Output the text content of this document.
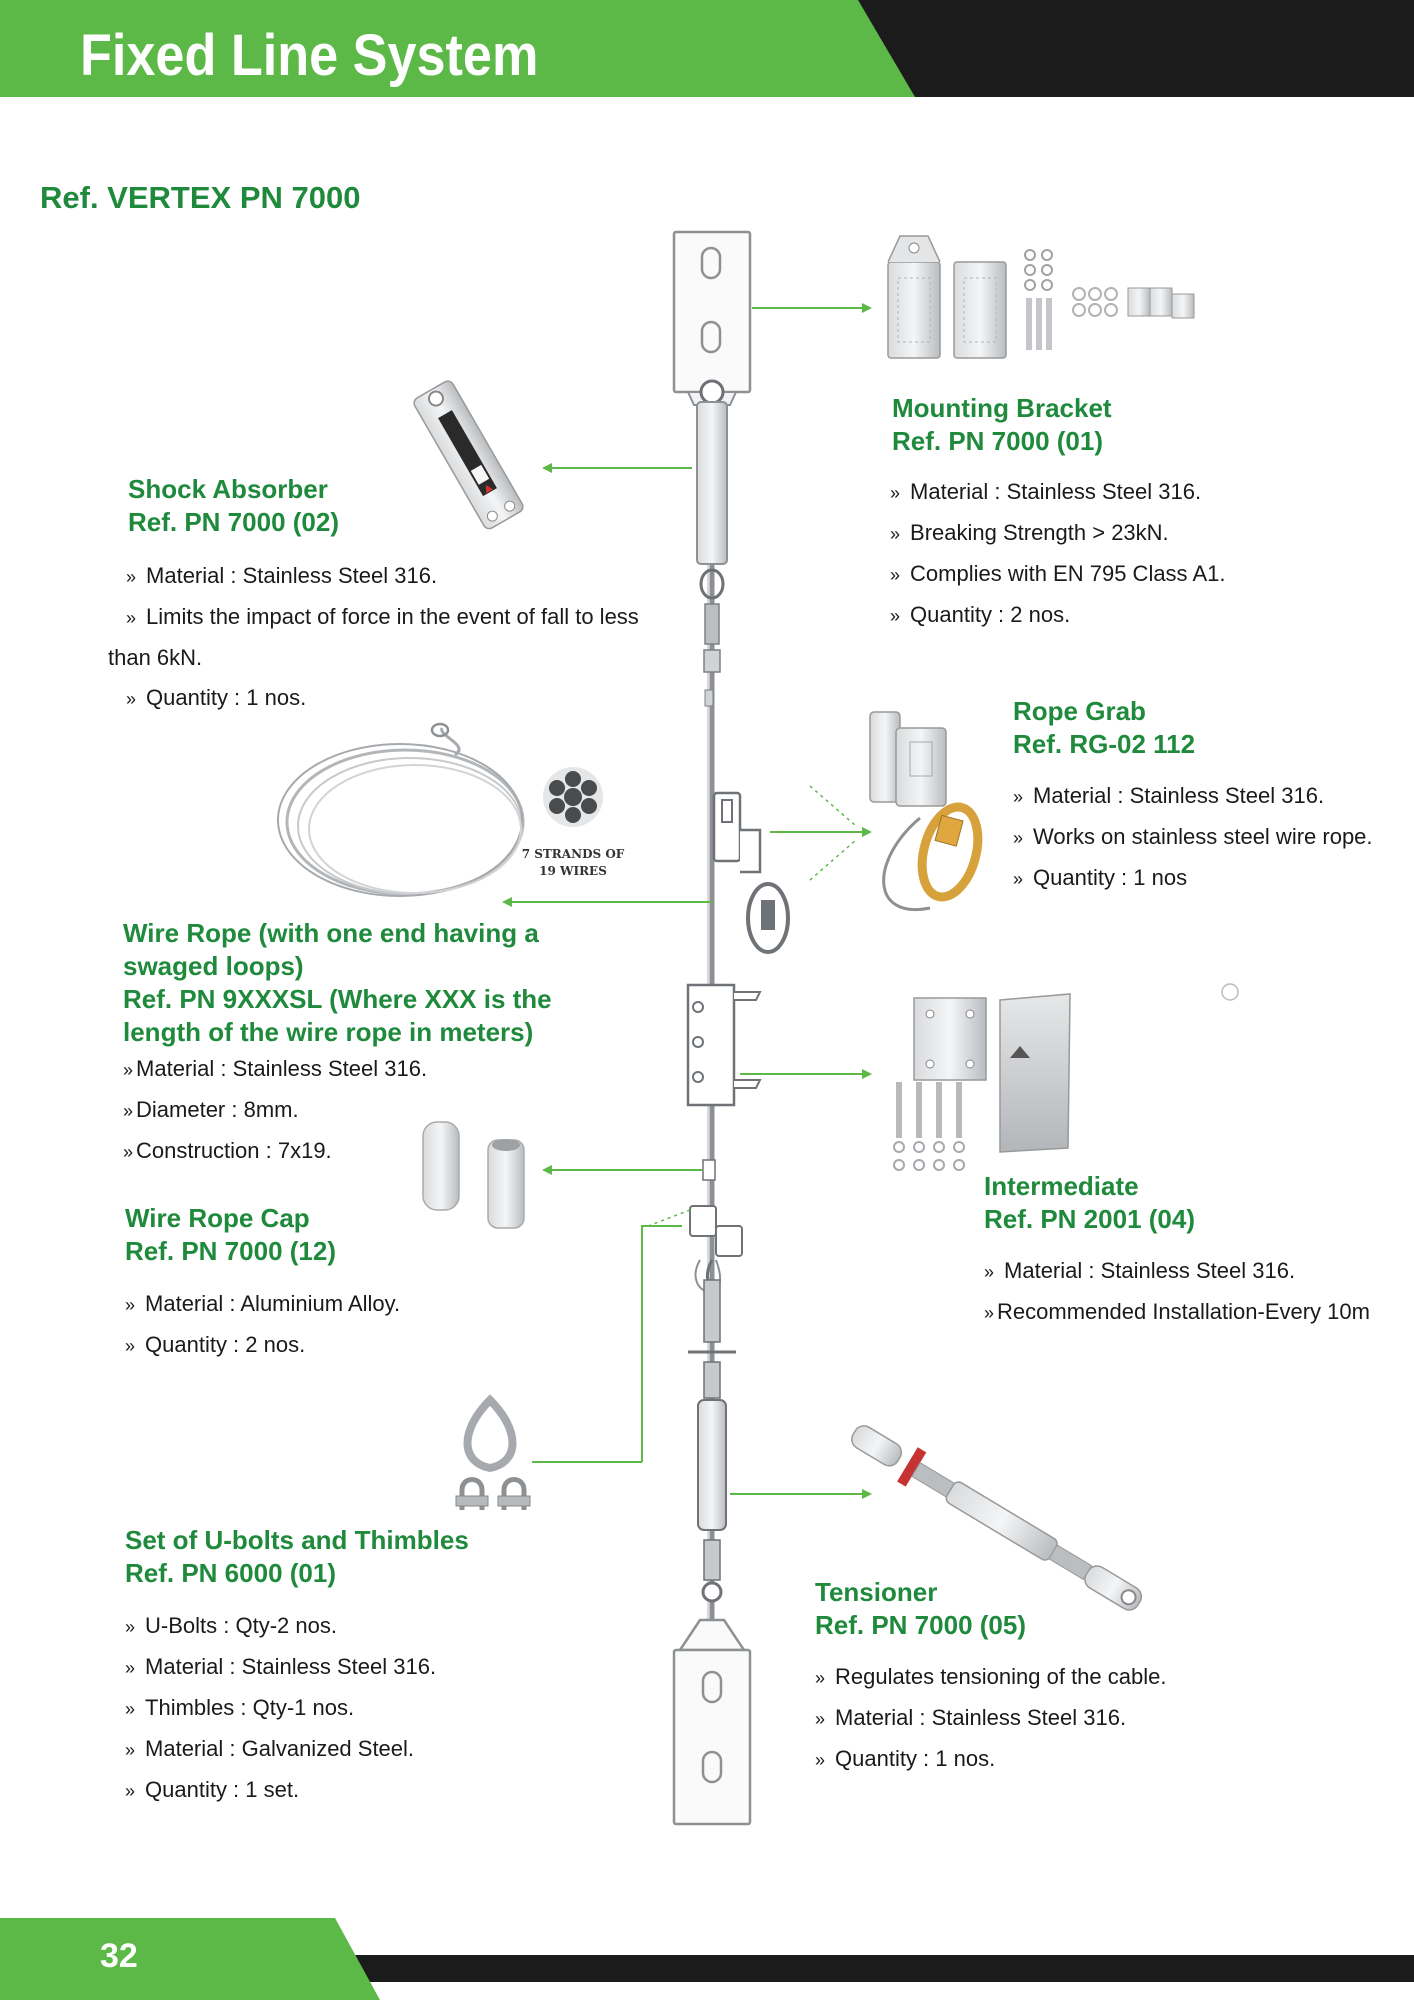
Fixed Line System
Ref. VERTEX PN 7000
7 STRANDS OF
19 WIRES
Mounting Bracket
Ref. PN 7000 (01)
» Material : Stainless Steel 316.
» Breaking Strength > 23kN.
» Complies with EN 795 Class A1.
» Quantity : 2 nos.
Shock Absorber
Ref. PN 7000 (02)
» Material : Stainless Steel 316.
» Limits the impact of force in the event of fall to less than 6kN.
» Quantity : 1 nos.	Rope Grab
Ref. RG-02 112
» Material : Stainless Steel 316.
» Works on stainless steel wire rope.
» Quantity : 1 nos
Wire Rope (with one end having a
swaged loops)
Ref. PN 9XXXSL (Where XXX is the
length of the wire rope in meters)
» Material : Stainless Steel 316.
» Diameter : 8mm.
» Construction : 7x19.
Intermediate
Ref. PN 2001 (04)
» Material : Stainless Steel 316.
» Recommended Installation-Every 10m
Wire Rope Cap
Ref. PN 7000 (12)
» Material : Aluminium Alloy.
» Quantity : 2 nos.
Set of U-bolts and Thimbles
Ref. PN 6000 (01)
» U-Bolts : Qty-2 nos.
» Material : Stainless Steel 316.
» Thimbles : Qty-1 nos.
» Material : Galvanized Steel.
» Quantity : 1 set.
Tensioner
Ref. PN 7000 (05)
» Regulates tensioning of the cable.
» Material : Stainless Steel 316.
» Quantity : 1 nos.
32
